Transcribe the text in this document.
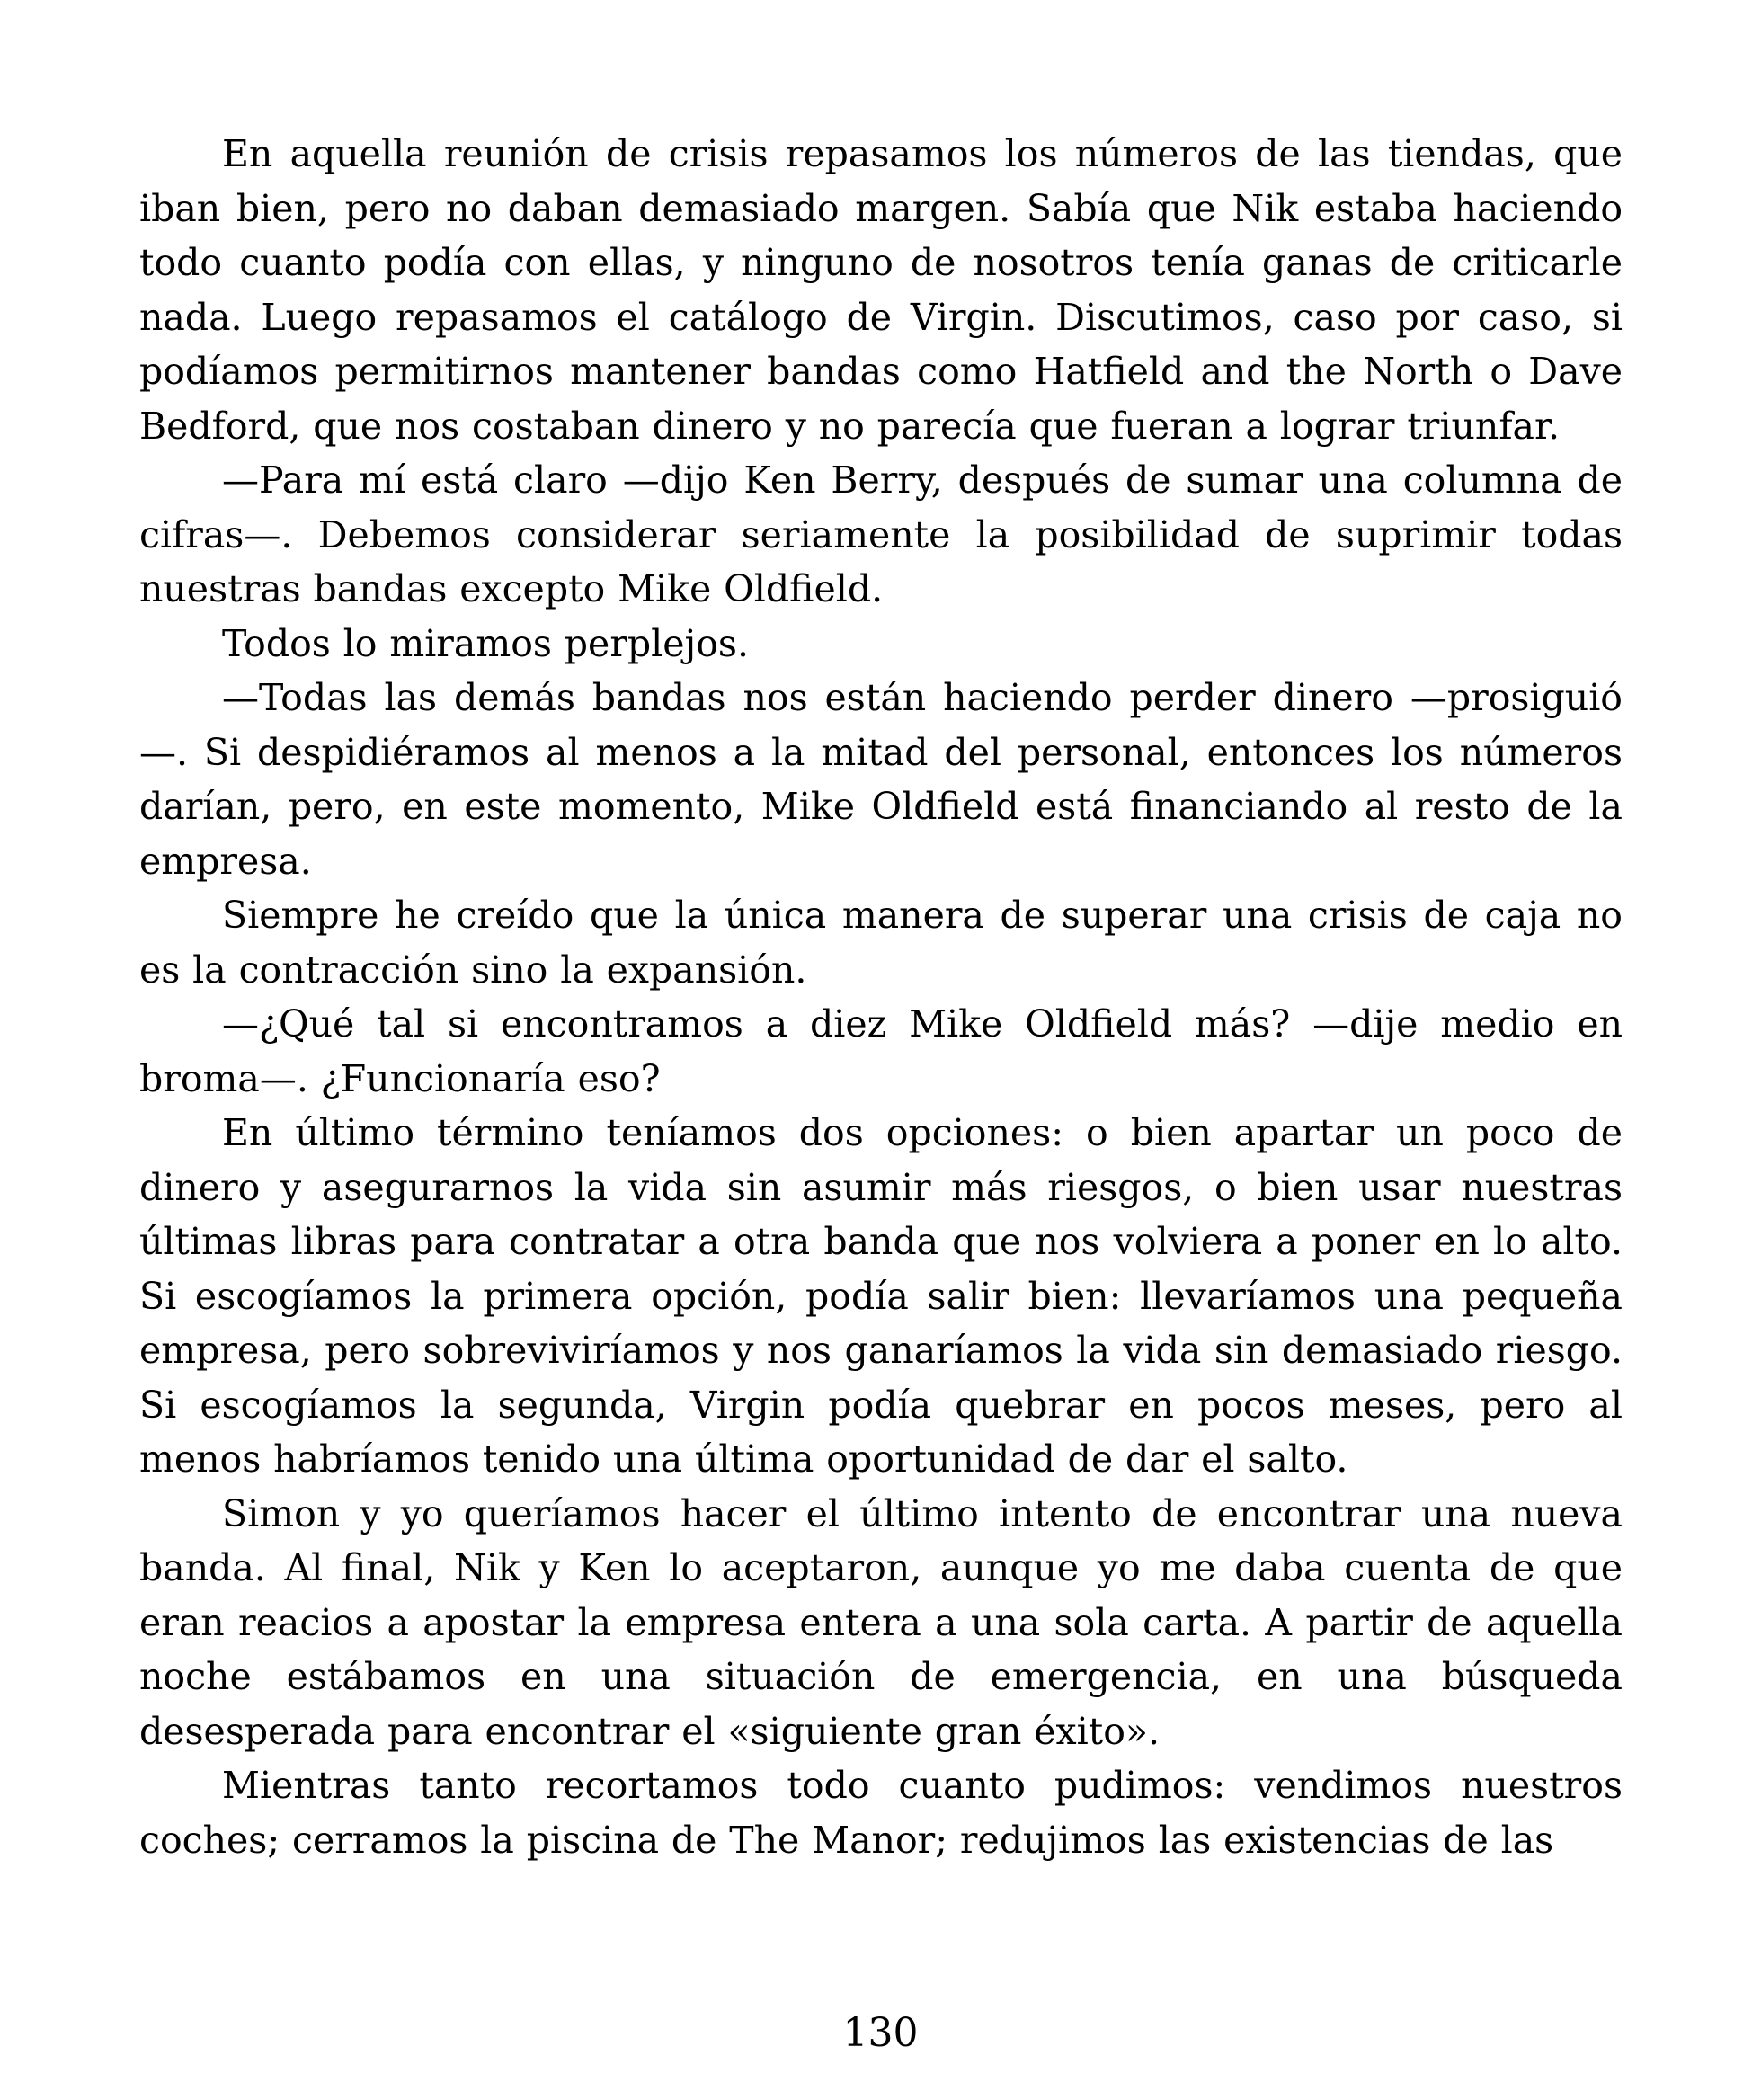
En aquella reunión de crisis repasamos los números de las tiendas, que iban bien, pero no daban demasiado margen. Sabía que Nik estaba haciendo todo cuanto podía con ellas, y ninguno de nosotros tenía ganas de criticarle nada. Luego repasamos el catálogo de Virgin. Discutimos, caso por caso, si podíamos permitirnos mantener bandas como Hatfield and the North o Dave Bedford, que nos costaban dinero y no parecía que fueran a lograr triunfar.

—Para mí está claro —dijo Ken Berry, después de sumar una columna de cifras—. Debemos considerar seriamente la posibilidad de suprimir todas nuestras bandas excepto Mike Oldfield.

Todos lo miramos perplejos.

—Todas las demás bandas nos están haciendo perder dinero —prosiguió—. Si despidiéramos al menos a la mitad del personal, entonces los números darían, pero, en este momento, Mike Oldfield está financiando al resto de la empresa.

Siempre he creído que la única manera de superar una crisis de caja no es la contracción sino la expansión.

—¿Qué tal si encontramos a diez Mike Oldfield más? —dije medio en broma—. ¿Funcionaría eso?

En último término teníamos dos opciones: o bien apartar un poco de dinero y asegurarnos la vida sin asumir más riesgos, o bien usar nuestras últimas libras para contratar a otra banda que nos volviera a poner en lo alto. Si escogíamos la primera opción, podía salir bien: llevaríamos una pequeña empresa, pero sobreviviríamos y nos ganaríamos la vida sin demasiado riesgo. Si escogíamos la segunda, Virgin podía quebrar en pocos meses, pero al menos habríamos tenido una última oportunidad de dar el salto.

Simon y yo queríamos hacer el último intento de encontrar una nueva banda. Al final, Nik y Ken lo aceptaron, aunque yo me daba cuenta de que eran reacios a apostar la empresa entera a una sola carta. A partir de aquella noche estábamos en una situación de emergencia, en una búsqueda desesperada para encontrar el «siguiente gran éxito».

Mientras tanto recortamos todo cuanto pudimos: vendimos nuestros coches; cerramos la piscina de The Manor; redujimos las existencias de las

130
